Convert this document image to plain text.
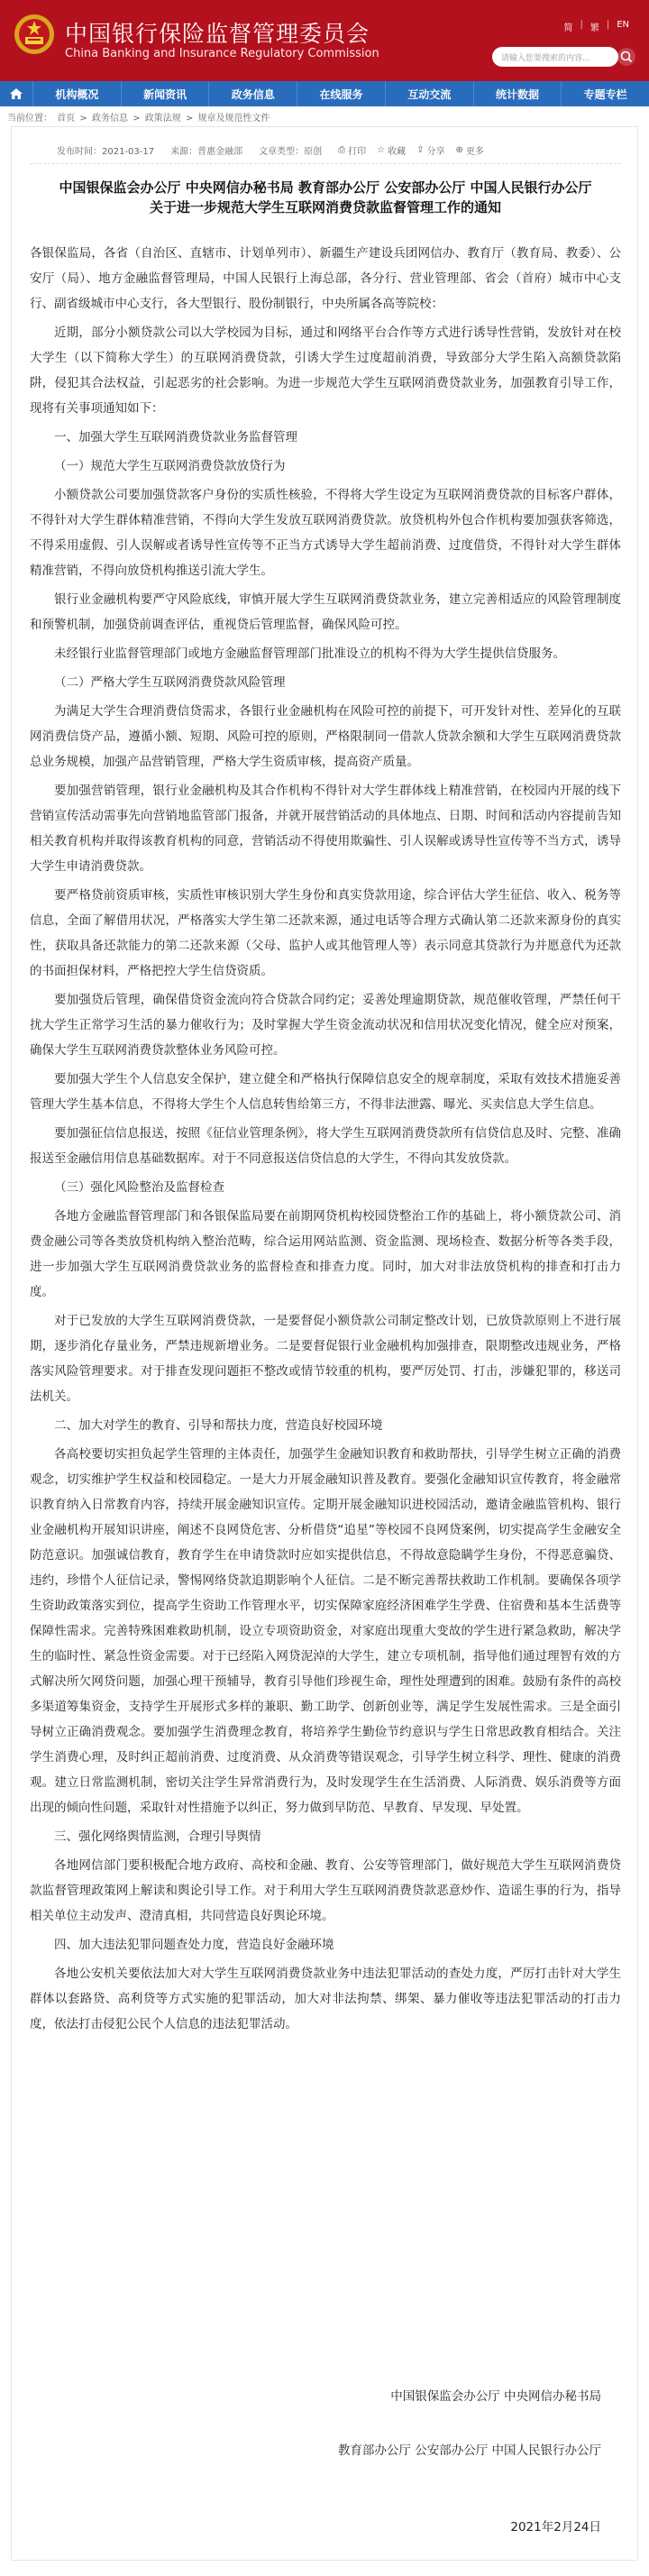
中国银行保险监督管理委员会
China Banking and Insurance Regulatory Commission
简 | 繁 | EN
请输入您要搜索的内容...
机构概况	新闻资讯	政务信息	在线服务	互动交流	统计数据	专题专栏
当前位置： 首页 > 政务信息 > 政策法规 > 规章及规范性文件
发布时间：2021-03-17 来源：普惠金融部 文章类型：原创 ⎙ 打印 ☆ 收藏 ⇪ 分享 ⊕ 更多
中国银保监会办公厅 中央网信办秘书局 教育部办公厅 公安部办公厅 中国人民银行办公厅
关于进一步规范大学生互联网消费贷款监督管理工作的通知

各银保监局，各省（自治区、直辖市、计划单列市）、新疆生产建设兵团网信办、教育厅（教育局、教委）、公安厅（局）、地方金融监督管理局，中国人民银行上海总部，各分行、营业管理部、省会（首府）城市中心支行、副省级城市中心支行，各大型银行、股份制银行，中央所属各高等院校：

近期，部分小额贷款公司以大学校园为目标，通过和网络平台合作等方式进行诱导性营销，发放针对在校大学生（以下简称大学生）的互联网消费贷款，引诱大学生过度超前消费，导致部分大学生陷入高额贷款陷阱，侵犯其合法权益，引起恶劣的社会影响。为进一步规范大学生互联网消费贷款业务，加强教育引导工作，现将有关事项通知如下：

一、加强大学生互联网消费贷款业务监督管理

（一）规范大学生互联网消费贷款放贷行为

小额贷款公司要加强贷款客户身份的实质性核验，不得将大学生设定为互联网消费贷款的目标客户群体，不得针对大学生群体精准营销，不得向大学生发放互联网消费贷款。放贷机构外包合作机构要加强获客筛选，不得采用虚假、引人误解或者诱导性宣传等不正当方式诱导大学生超前消费、过度借贷，不得针对大学生群体精准营销，不得向放贷机构推送引流大学生。

银行业金融机构要严守风险底线，审慎开展大学生互联网消费贷款业务，建立完善相适应的风险管理制度和预警机制，加强贷前调查评估，重视贷后管理监督，确保风险可控。

未经银行业监督管理部门或地方金融监督管理部门批准设立的机构不得为大学生提供信贷服务。

（二）严格大学生互联网消费贷款风险管理

为满足大学生合理消费信贷需求，各银行业金融机构在风险可控的前提下，可开发针对性、差异化的互联网消费信贷产品，遵循小额、短期、风险可控的原则，严格限制同一借款人贷款余额和大学生互联网消费贷款总业务规模，加强产品营销管理，严格大学生资质审核，提高资产质量。

要加强营销管理，银行业金融机构及其合作机构不得针对大学生群体线上精准营销，在校园内开展的线下营销宣传活动需事先向营销地监管部门报备，并就开展营销活动的具体地点、日期、时间和活动内容提前告知相关教育机构并取得该教育机构的同意，营销活动不得使用欺骗性、引人误解或诱导性宣传等不当方式，诱导大学生申请消费贷款。

要严格贷前资质审核，实质性审核识别大学生身份和真实贷款用途，综合评估大学生征信、收入、税务等信息，全面了解借用状况，严格落实大学生第二还款来源，通过电话等合理方式确认第二还款来源身份的真实性，获取具备还款能力的第二还款来源（父母、监护人或其他管理人等）表示同意其贷款行为并愿意代为还款的书面担保材料，严格把控大学生信贷资质。

要加强贷后管理，确保借贷资金流向符合贷款合同约定；妥善处理逾期贷款，规范催收管理，严禁任何干扰大学生正常学习生活的暴力催收行为；及时掌握大学生资金流动状况和信用状况变化情况，健全应对预案，确保大学生互联网消费贷款整体业务风险可控。

要加强大学生个人信息安全保护，建立健全和严格执行保障信息安全的规章制度，采取有效技术措施妥善管理大学生基本信息，不得将大学生个人信息转售给第三方，不得非法泄露、曝光、买卖信息大学生信息。

要加强征信信息报送，按照《征信业管理条例》，将大学生互联网消费贷款所有信贷信息及时、完整、准确报送至金融信用信息基础数据库。对于不同意报送信贷信息的大学生，不得向其发放贷款。

（三）强化风险整治及监督检查

各地方金融监督管理部门和各银保监局要在前期网贷机构校园贷整治工作的基础上，将小额贷款公司、消费金融公司等各类放贷机构纳入整治范畴，综合运用网站监测、资金监测、现场检查、数据分析等各类手段，进一步加强大学生互联网消费贷款业务的监督检查和排查力度。同时，加大对非法放贷机构的排查和打击力度。

对于已发放的大学生互联网消费贷款，一是要督促小额贷款公司制定整改计划，已放贷款原则上不进行展期，逐步消化存量业务，严禁违规新增业务。二是要督促银行业金融机构加强排查，限期整改违规业务，严格落实风险管理要求。对于排查发现问题拒不整改或情节较重的机构，要严厉处罚、打击，涉嫌犯罪的，移送司法机关。

二、加大对学生的教育、引导和帮扶力度，营造良好校园环境

各高校要切实担负起学生管理的主体责任，加强学生金融知识教育和救助帮扶，引导学生树立正确的消费观念，切实维护学生权益和校园稳定。一是大力开展金融知识普及教育。要强化金融知识宣传教育，将金融常识教育纳入日常教育内容，持续开展金融知识宣传。定期开展金融知识进校园活动，邀请金融监管机构、银行业金融机构开展知识讲座，阐述不良网贷危害、分析借贷“追星”等校园不良网贷案例，切实提高学生金融安全防范意识。加强诚信教育，教育学生在申请贷款时应如实提供信息，不得故意隐瞒学生身份，不得恶意骗贷、违约，珍惜个人征信记录，警惕网络贷款追期影响个人征信。二是不断完善帮扶救助工作机制。要确保各项学生资助政策落实到位，提高学生资助工作管理水平，切实保障家庭经济困难学生学费、住宿费和基本生活费等保障性需求。完善特殊困难救助机制，设立专项资助资金，对家庭出现重大变故的学生进行紧急救助，解决学生的临时性、紧急性资金需要。对于已经陷入网贷泥淖的大学生，建立专项机制，指导他们通过理智有效的方式解决所欠网贷问题，加强心理干预辅导，教育引导他们珍视生命，理性处理遭到的困难。鼓励有条件的高校多渠道筹集资金，支持学生开展形式多样的兼职、勤工助学、创新创业等，满足学生发展性需求。三是全面引导树立正确消费观念。要加强学生消费理念教育，将培养学生勤俭节约意识与学生日常思政教育相结合。关注学生消费心理，及时纠正超前消费、过度消费、从众消费等错误观念，引导学生树立科学、理性、健康的消费观。建立日常监测机制，密切关注学生异常消费行为，及时发现学生在生活消费、人际消费、娱乐消费等方面出现的倾向性问题，采取针对性措施予以纠正，努力做到早防范、早教育、早发现、早处置。

三、强化网络舆情监测，合理引导舆情

各地网信部门要积极配合地方政府、高校和金融、教育、公安等管理部门，做好规范大学生互联网消费贷款监督管理政策网上解读和舆论引导工作。对于利用大学生互联网消费贷款恶意炒作、造谣生事的行为，指导相关单位主动发声、澄清真相，共同营造良好舆论环境。

四、加大违法犯罪问题查处力度，营造良好金融环境

各地公安机关要依法加大对大学生互联网消费贷款业务中违法犯罪活动的查处力度，严厉打击针对大学生群体以套路贷、高利贷等方式实施的犯罪活动，加大对非法拘禁、绑架、暴力催收等违法犯罪活动的打击力度，依法打击侵犯公民个人信息的违法犯罪活动。

中国银保监会办公厅 中央网信办秘书局
教育部办公厅 公安部办公厅 中国人民银行办公厅
2021年2月24日
